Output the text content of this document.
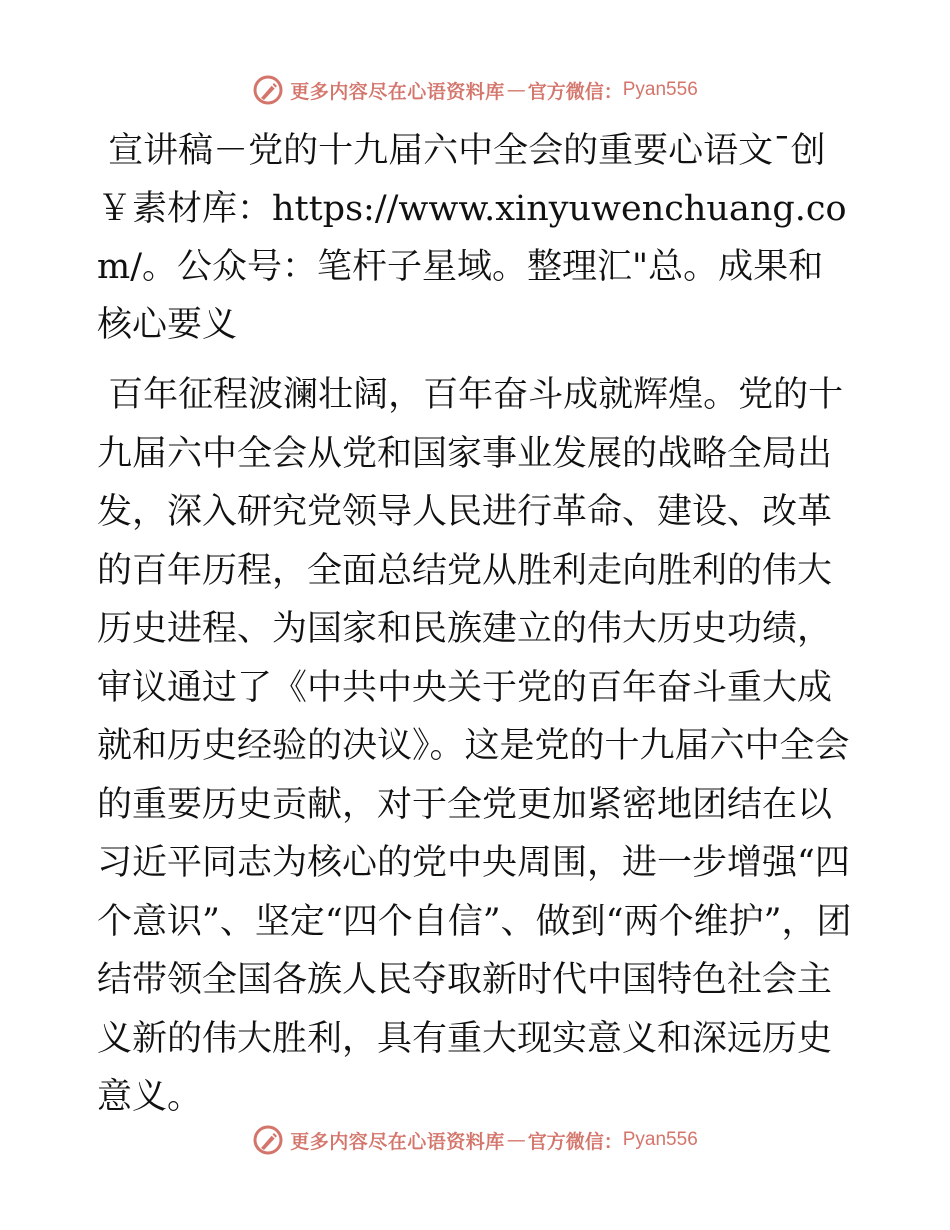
更多内容尽在心语资料库 — 官方微信： Pyan556
宣讲稿－党的十九届六中全会的重要心语文¯创￥素材库：https://www.xinyuwenchuang.com/。公众号：笔杆子星域。整理汇"总。成果和核心要义

百年征程波澜壮阔，百年奋斗成就辉煌。党的十九届六中全会从党和国家事业发展的战略全局出发，深入研究党领导人民进行革命、建设、改革的百年历程，全面总结党从胜利走向胜利的伟大历史进程、为国家和民族建立的伟大历史功绩，审议通过了《中共中央关于党的百年奋斗重大成就和历史经验的决议》。这是党的十九届六中全会的重要历史贡献，对于全党更加紧密地团结在以习近平同志为核心的党中央周围，进一步增强“四个意识”、坚定“四个自信”、做到“两个维护”，团结带领全国各族人民夺取新时代中国特色社会主义新的伟大胜利，具有重大现实意义和深远历史意义。

更多内容尽在心语资料库 — 官方微信： Pyan556
